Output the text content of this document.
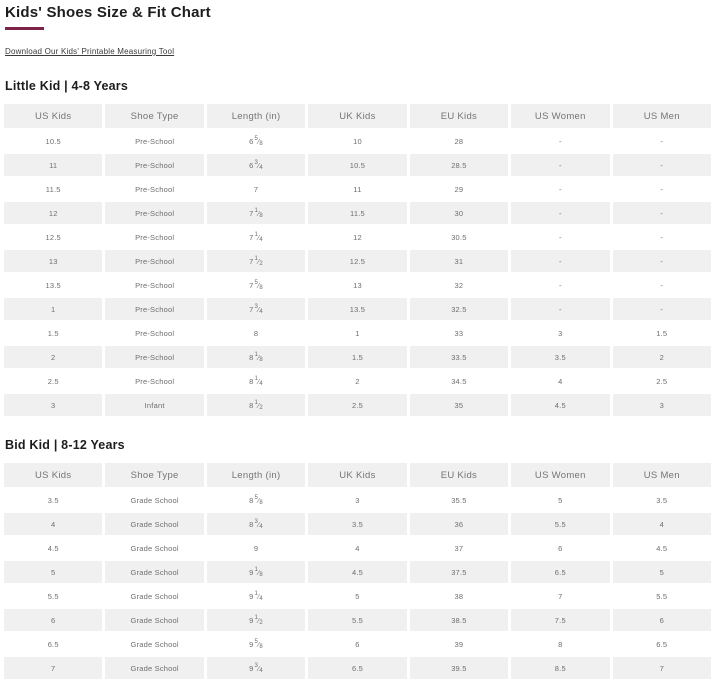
Kids' Shoes Size & Fit Chart
Download Our Kids' Printable Measuring Tool
Little Kid | 4-8 Years
US Kids	Shoe Type	Length (in)	UK Kids	EU Kids	US Women	US Men
10.5	Pre-School	$6^5⁄_8$	10	28	-	-
11	Pre-School	$6^3⁄_4$	10.5	28.5	-	-
11.5	Pre-School	7	11	29	-	-
12	Pre-School	$7^1⁄_8$	11.5	30	-	-
12.5	Pre-School	$7^1⁄_4$	12	30.5	-	-
13	Pre-School	$7^1⁄_2$	12.5	31	-	-
13.5	Pre-School	$7^5⁄_8$	13	32	-	-
1	Pre-School	$7^3⁄_4$	13.5	32.5	-	-
1.5	Pre-School	8	1	33	3	1.5
2	Pre-School	$8^1⁄_8$	1.5	33.5	3.5	2
2.5	Pre-School	$8^1⁄_4$	2	34.5	4	2.5
3	Infant	$8^1⁄_2$	2.5	35	4.5	3
Bid Kid | 8-12 Years
US Kids	Shoe Type	Length (in)	UK Kids	EU Kids	US Women	US Men
3.5	Grade School	$8^5⁄_8$	3	35.5	5	3.5
4	Grade School	$8^3⁄_4$	3.5	36	5.5	4
4.5	Grade School	9	4	37	6	4.5
5	Grade School	$9^1⁄_8$	4.5	37.5	6.5	5
5.5	Grade School	$9^1⁄_4$	5	38	7	5.5
6	Grade School	$9^1⁄_2$	5.5	38.5	7.5	6
6.5	Grade School	$9^5⁄_8$	6	39	8	6.5
7	Grade School	$9^3⁄_4$	6.5	39.5	8.5	7
